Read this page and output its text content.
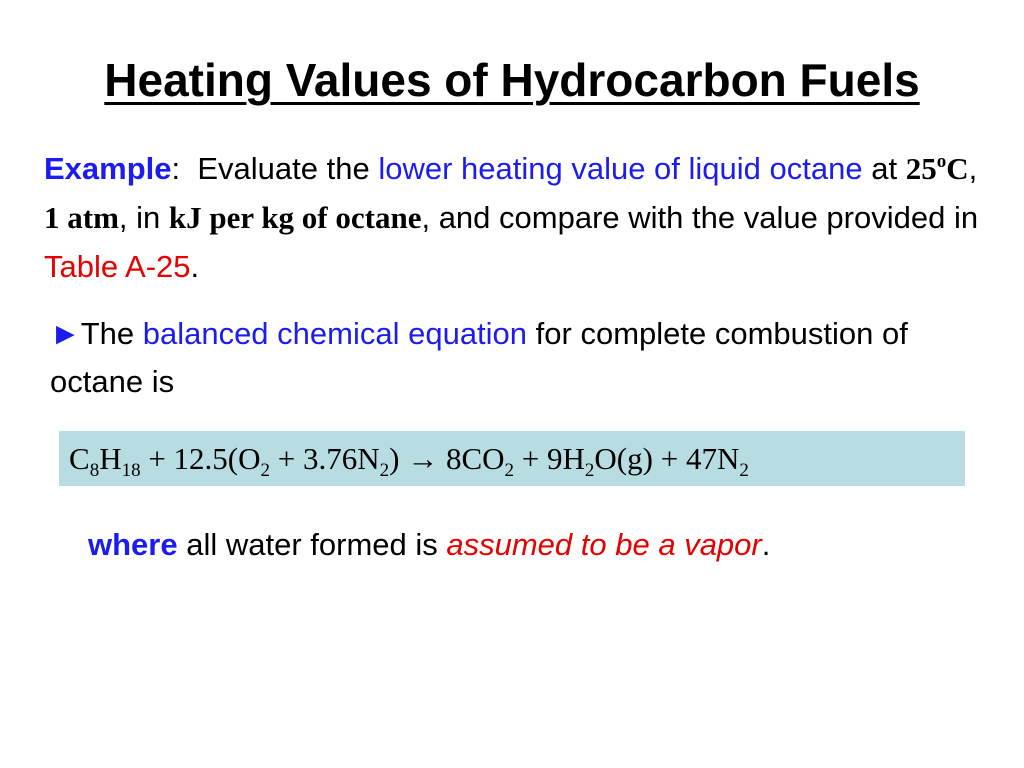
Heating Values of Hydrocarbon Fuels

Example:  Evaluate the lower heating value of liquid octane at 25$^o$C, 1 atm, in kJ per kg of octane, and compare with the value provided in Table A-25.

►The balanced chemical equation for complete combustion of octane is

$C_8H_{18} + 12.5(O_2 + 3.76N_2) \to 8CO_2 + 9H_2O(g) + 47N_2$

where all water formed is assumed to be a vapor.
